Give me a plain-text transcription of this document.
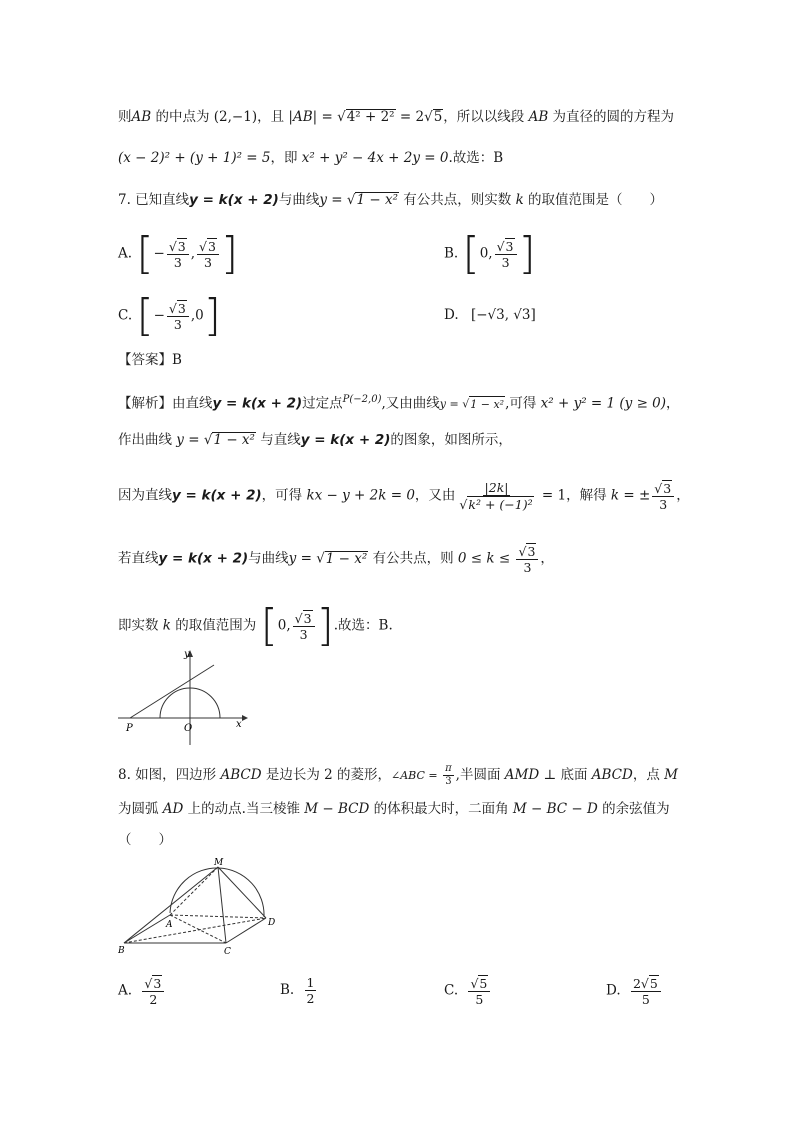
则AB 的中点为 (2,−1)，且 |AB| = √4² + 2² = 2√5，所以以线段 AB 为直径的圆的方程为
(x − 2)² + (y + 1)² = 5，即 x² + y² − 4x + 2y = 0.故选：B
7. 已知直线y = k(x + 2)与曲线y = √1 − x² 有公共点，则实数 k 的取值范围是（　　）
A. [− $\frac{√3}{3}$ , $\frac{√3}{3}$ ]	B. [0, $\frac{√3}{3}$ ]
C. [− $\frac{√3}{3} ,0$]	D. [−√3, √3]
【答案】B
【解析】由直线y = k(x + 2)过定点$^{P(-2,0)}$,又由曲线y = √1 − x²,可得 x² + y² = 1 (y ≥ 0)，
作出曲线 y = √1 − x² 与直线y = k(x + 2)的图象，如图所示，
因为直线y = k(x + 2)，可得 kx − y + 2k = 0，又由 $\frac{|2k|}{\text{√k² + (−1)²}} = 1$，解得 k = ± $\frac{√3}{3}$ ，
若直线y = k(x + 2)与曲线y = √1 − x² 有公共点，则 $0 \le k \le \frac{√3}{3}$ ，
即实数 k 的取值范围为 [0, $\frac{√3}{3}$ ].故选：B.
y
x
P	O
8. 如图，四边形 ABCD 是边长为 2 的菱形，∠ABC = $\frac{\pi}{3}$ ,半圆面 AMD ⊥ 底面 ABCD，点 M
为圆弧 AD 上的动点.当三棱锥 M − BCD 的体积最大时，二面角 M − BC − D 的余弦值为
（　　）
M
A
B	C
D
A. $\frac{√3}{2}$	B. $\frac{1}{2}$	C. $\frac{√5}{5}$	D. $\frac{2√5}{5}$
